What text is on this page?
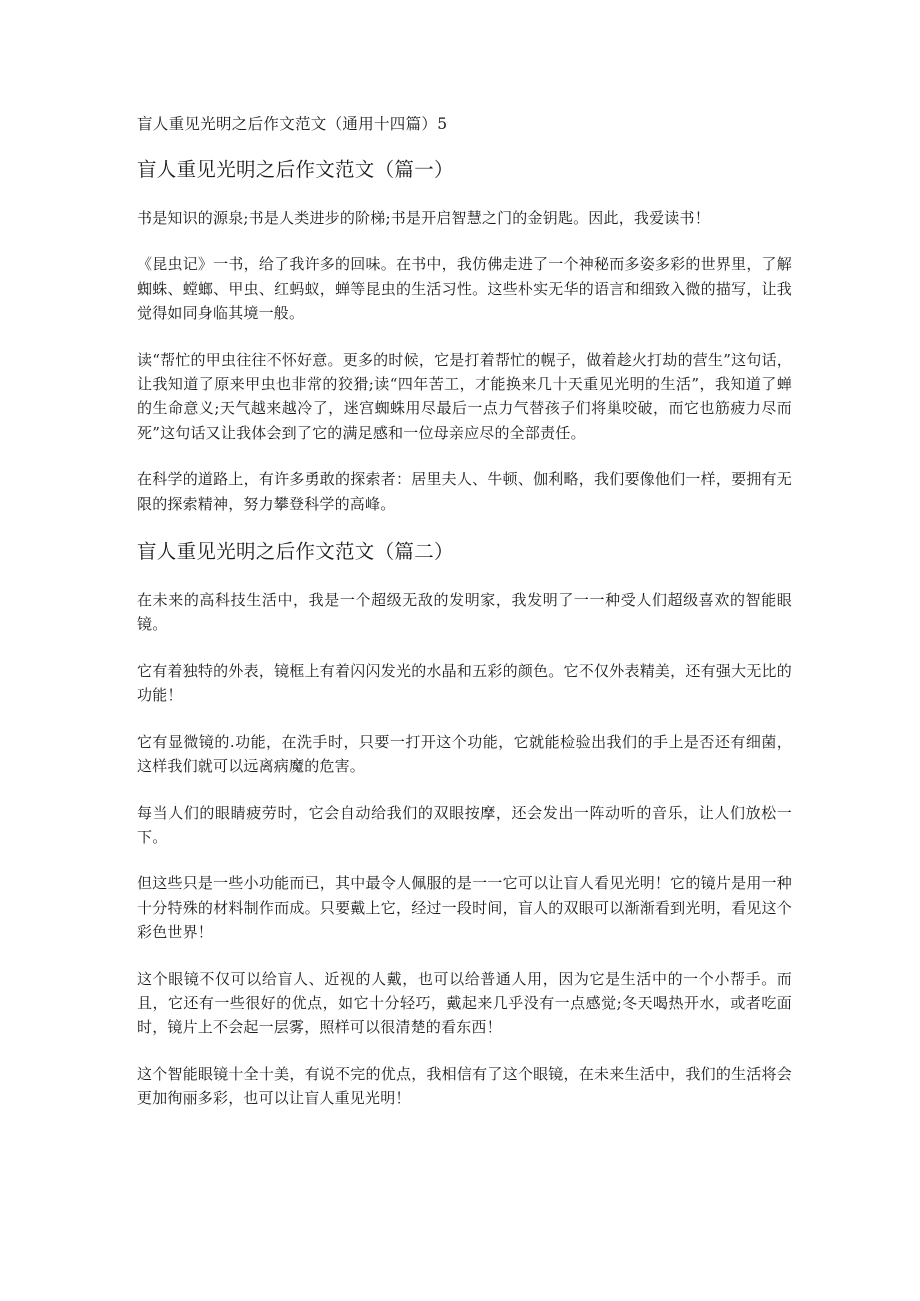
盲人重见光明之后作文范文（通用十四篇）5
盲人重见光明之后作文范文（篇一）

书是知识的源泉;书是人类进步的阶梯;书是开启智慧之门的金钥匙。因此，我爱读书！

《昆虫记》一书，给了我许多的回味。在书中，我仿佛走进了一个神秘而多姿多彩的世界里，了解蜘蛛、螳螂、甲虫、红蚂蚁，蝉等昆虫的生活习性。这些朴实无华的语言和细致入微的描写，让我觉得如同身临其境一般。

读“帮忙的甲虫往往不怀好意。更多的时候，它是打着帮忙的幌子，做着趁火打劫的营生”这句话，让我知道了原来甲虫也非常的狡猾;读“四年苦工，才能换来几十天重见光明的生活”，我知道了蝉的生命意义;天气越来越冷了，迷宫蜘蛛用尽最后一点力气替孩子们将巢咬破，而它也筋疲力尽而死”这句话又让我体会到了它的满足感和一位母亲应尽的全部责任。

在科学的道路上，有许多勇敢的探索者：居里夫人、牛顿、伽利略，我们要像他们一样，要拥有无限的探索精神，努力攀登科学的高峰。

盲人重见光明之后作文范文（篇二）

在未来的高科技生活中，我是一个超级无敌的发明家，我发明了一一种受人们超级喜欢的智能眼镜。

它有着独特的外表，镜框上有着闪闪发光的水晶和五彩的颜色。它不仅外表精美，还有强大无比的功能！

它有显微镜的.功能，在洗手时，只要一打开这个功能，它就能检验出我们的手上是否还有细菌，这样我们就可以远离病魔的危害。

每当人们的眼睛疲劳时，它会自动给我们的双眼按摩，还会发出一阵动听的音乐，让人们放松一下。

但这些只是一些小功能而已，其中最令人佩服的是一一它可以让盲人看见光明！它的镜片是用一种十分特殊的材料制作而成。只要戴上它，经过一段时间，盲人的双眼可以渐渐看到光明，看见这个彩色世界！

这个眼镜不仅可以给盲人、近视的人戴，也可以给普通人用，因为它是生活中的一个小帮手。而且，它还有一些很好的优点，如它十分轻巧，戴起来几乎没有一点感觉;冬天喝热开水，或者吃面时，镜片上不会起一层雾，照样可以很清楚的看东西！

这个智能眼镜十全十美，有说不完的优点，我相信有了这个眼镜，在未来生活中，我们的生活将会更加徇丽多彩，也可以让盲人重见光明！
